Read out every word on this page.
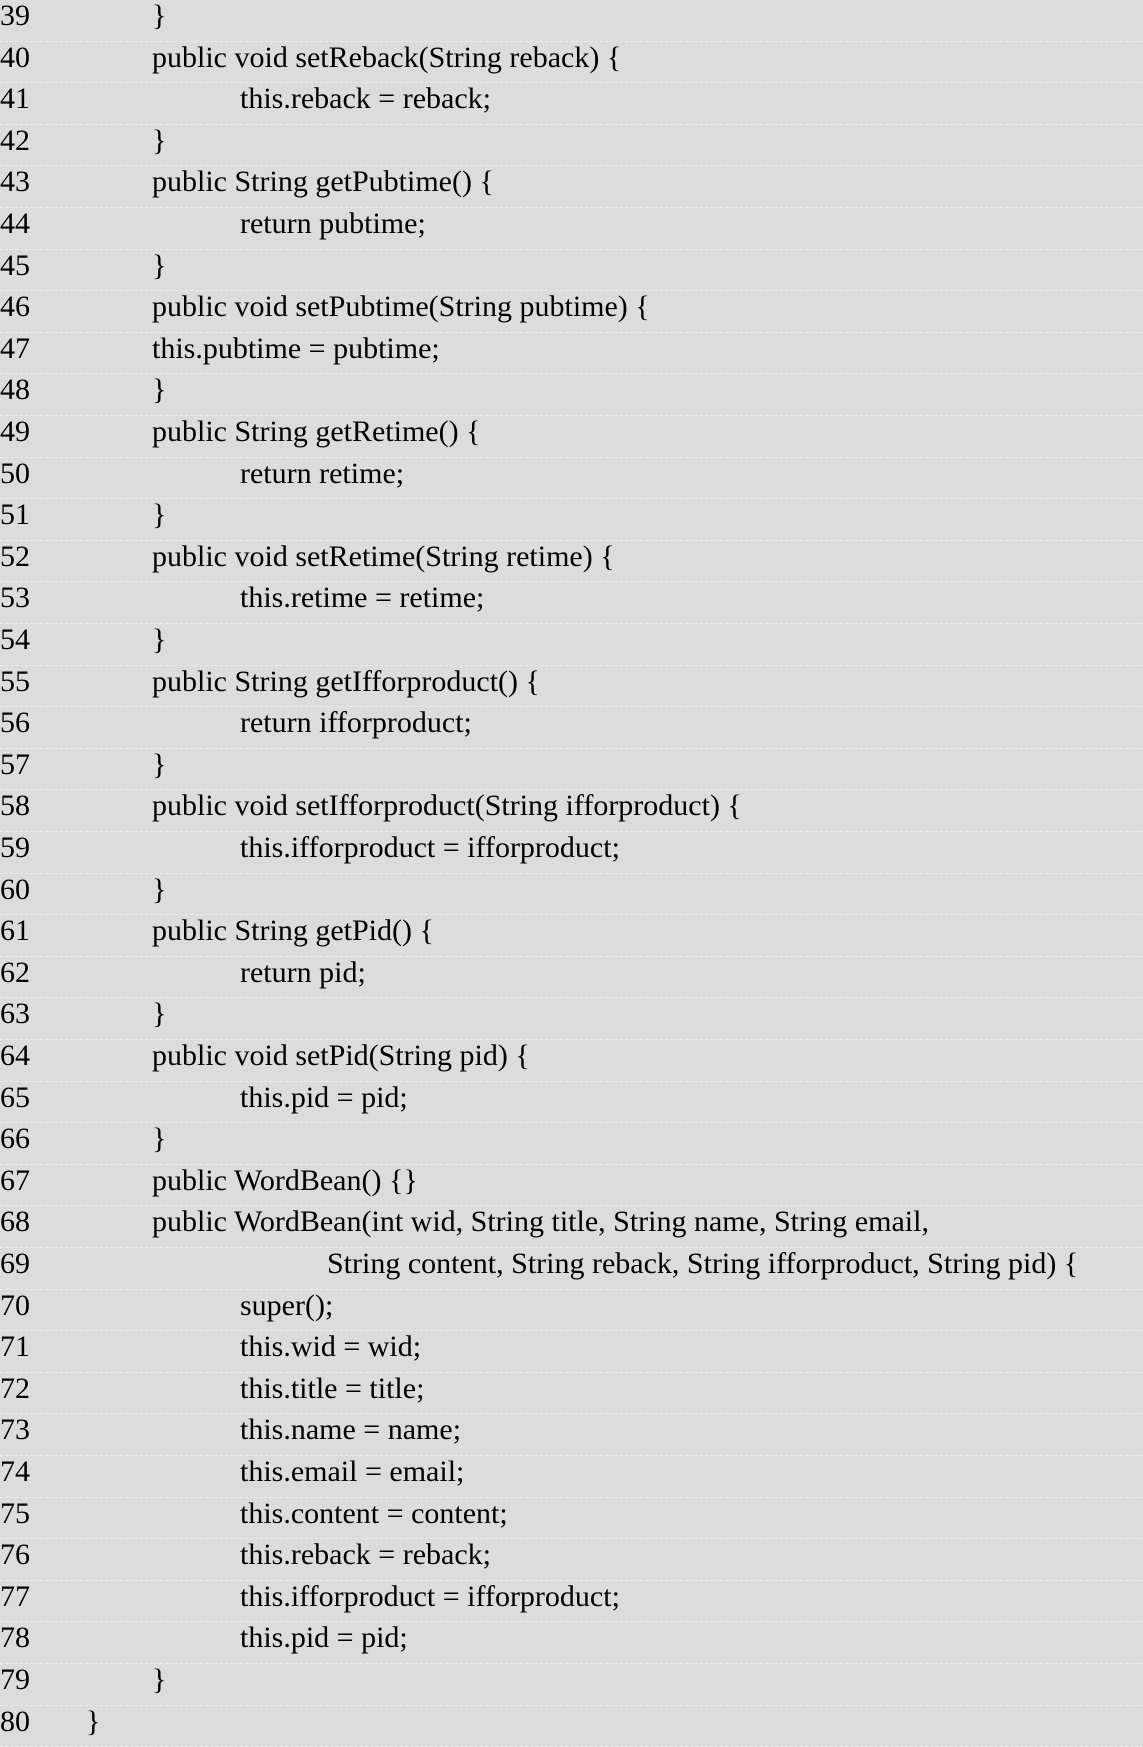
39	}
40	public void setReback(String reback) {
41	this.reback = reback;
42	}
43	public String getPubtime() {
44	return pubtime;
45	}
46	public void setPubtime(String pubtime) {
47	this.pubtime = pubtime;
48	}
49	public String getRetime() {
50	return retime;
51	}
52	public void setRetime(String retime) {
53	this.retime = retime;
54	}
55	public String getIfforproduct() {
56	return ifforproduct;
57	}
58	public void setIfforproduct(String ifforproduct) {
59	this.ifforproduct = ifforproduct;
60	}
61	public String getPid() {
62	return pid;
63	}
64	public void setPid(String pid) {
65	this.pid = pid;
66	}
67	public WordBean() {}
68	public WordBean(int wid, String title, String name, String email,
69	String content, String reback, String ifforproduct, String pid) {
70	super();
71	this.wid = wid;
72	this.title = title;
73	this.name = name;
74	this.email = email;
75	this.content = content;
76	this.reback = reback;
77	this.ifforproduct = ifforproduct;
78	this.pid = pid;
79	}
80 }
